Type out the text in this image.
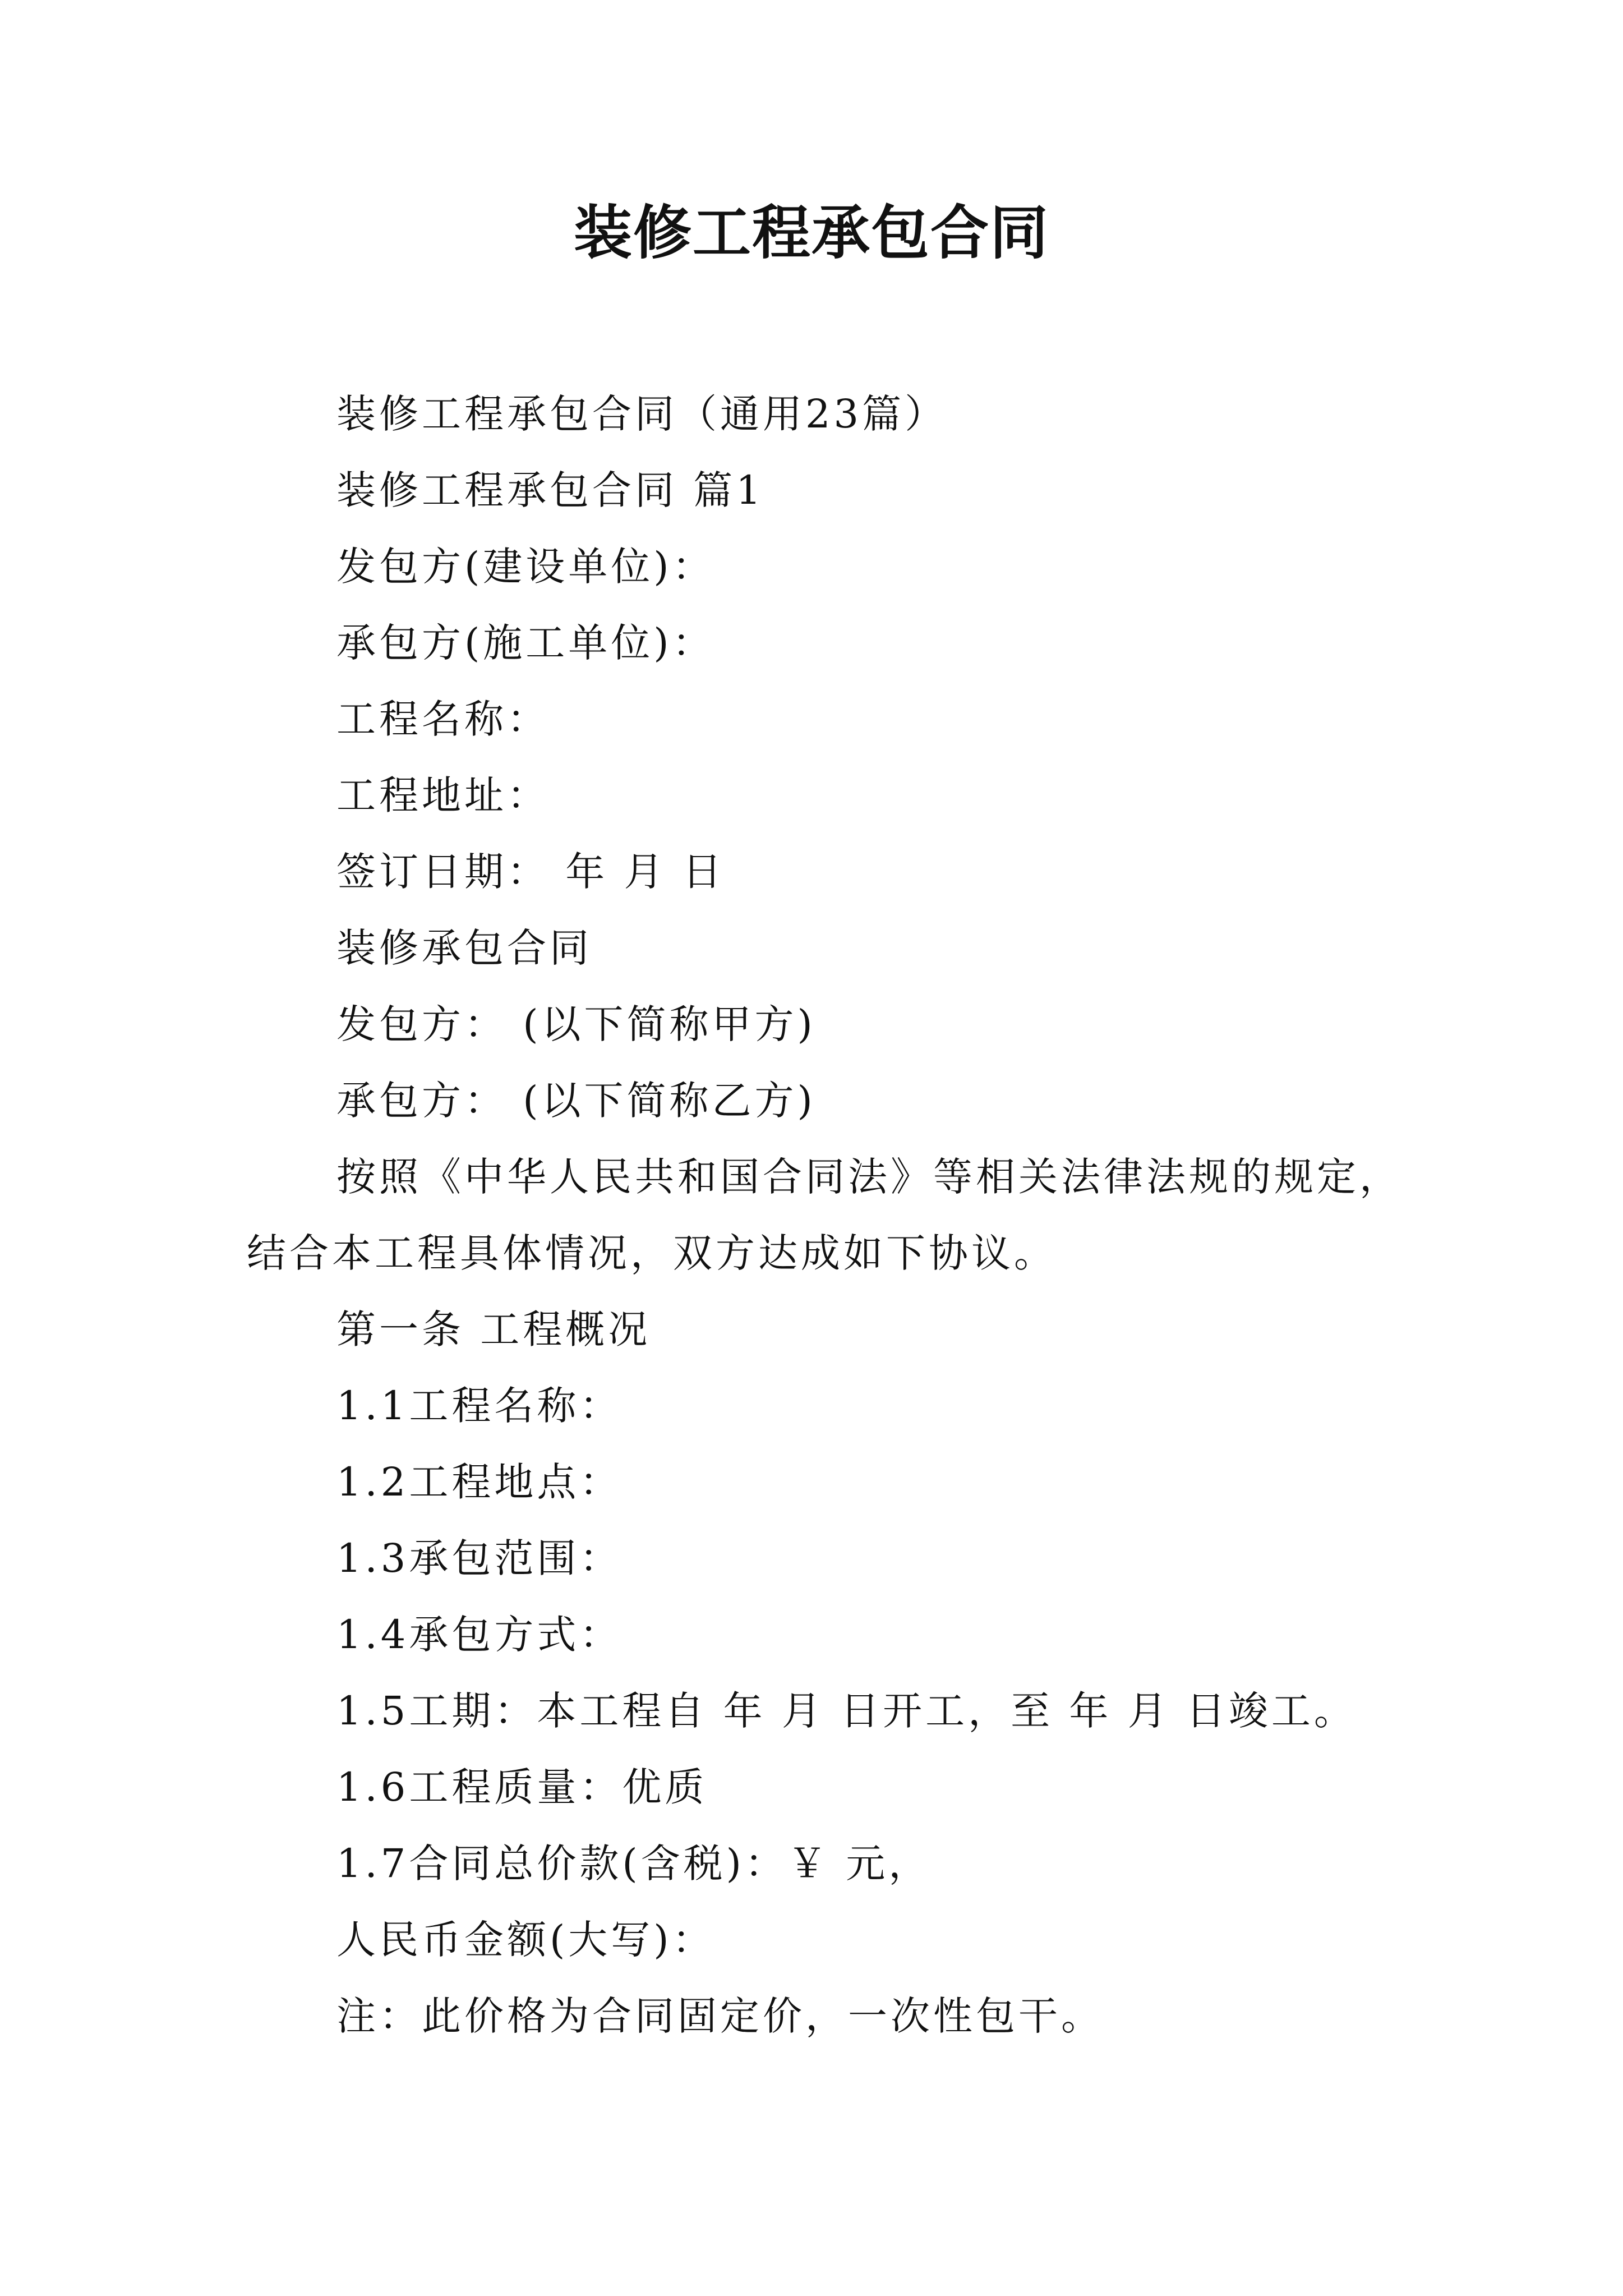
装修工程承包合同
装修工程承包合同（通用23篇）
装修工程承包合同 篇1
发包方(建设单位)：
承包方(施工单位)：
工程名称：
工程地址：
签订日期： 年 月 日
装修承包合同
发包方： (以下简称甲方)
承包方： (以下简称乙方)
按照《中华人民共和国合同法》等相关法律法规的规定，
结合本工程具体情况，双方达成如下协议。
第一条 工程概况
1.1工程名称：
1.2工程地点：
1.3承包范围：
1.4承包方式：
1.5工期：本工程自 年 月 日开工，至 年 月 日竣工。
1.6工程质量：优质
1.7合同总价款(含税)：￥ 元，
人民币金额(大写)：
注：此价格为合同固定价，一次性包干。
